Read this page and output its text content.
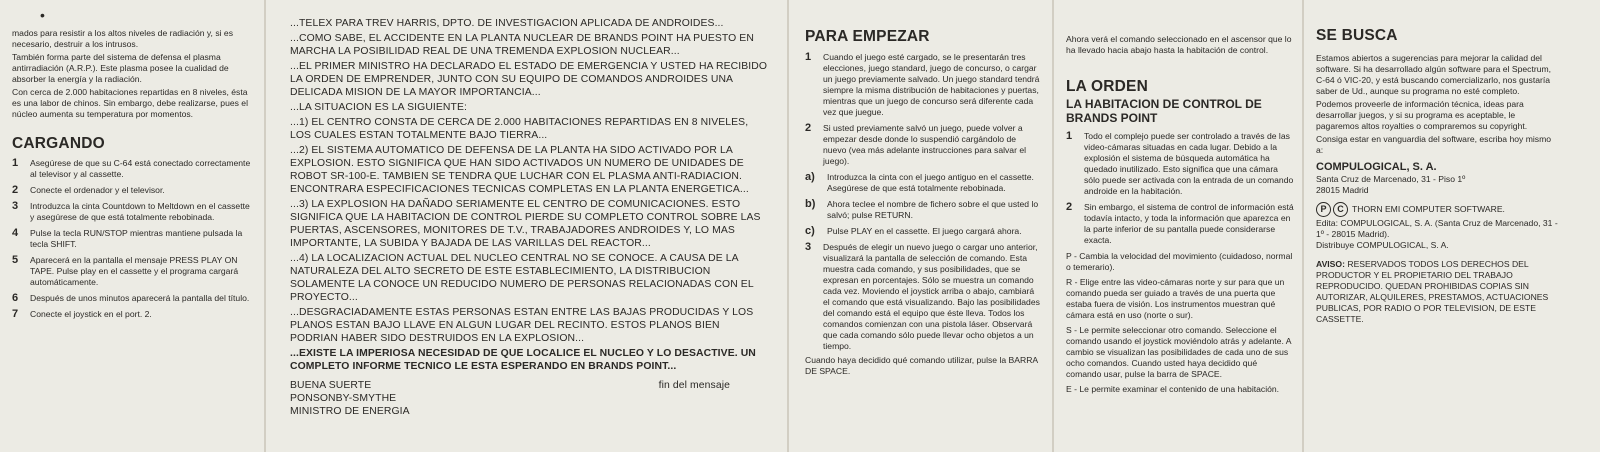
•

mados para resistir a los altos niveles de radiación y, si es necesario, destruir a los intrusos.

También forma parte del sistema de defensa el plasma antirradiación (A.R.P.). Este plasma posee la cualidad de absorber la energía y la radiación.

Con cerca de 2.000 habitaciones repartidas en 8 niveles, ésta es una labor de chinos. Sin embargo, debe realizarse, pues el núcleo aumenta su temperatura por momentos.

CARGANDO
1	Asegúrese de que su C-64 está conectado correctamente al televisor y al cassette.

2	Conecte el ordenador y el televisor.

3	Introduzca la cinta Countdown to Meltdown en el cassette y asegúrese de que está totalmente rebobinada.

4	Pulse la tecla RUN/STOP mientras mantiene pulsada la tecla SHIFT.

5	Aparecerá en la pantalla el mensaje PRESS PLAY ON TAPE. Pulse play en el cassette y el programa cargará automáticamente.

6	Después de unos minutos aparecerá la pantalla del título.

7	Conecte el joystick en el port. 2.

...TELEX PARA TREV HARRIS, DPTO. DE INVESTIGACION APLICADA DE ANDROIDES...

...COMO SABE, EL ACCIDENTE EN LA PLANTA NUCLEAR DE BRANDS POINT HA PUESTO EN MARCHA LA POSIBILIDAD REAL DE UNA TREMENDA EXPLOSION NUCLEAR...

...EL PRIMER MINISTRO HA DECLARADO EL ESTADO DE EMERGENCIA Y USTED HA RECIBIDO LA ORDEN DE EMPRENDER, JUNTO CON SU EQUIPO DE COMANDOS ANDROIDES UNA DELICADA MISION DE LA MAYOR IMPORTANCIA...

...LA SITUACION ES LA SIGUIENTE:

...1) EL CENTRO CONSTA DE CERCA DE 2.000 HABITACIONES REPARTIDAS EN 8 NIVELES, LOS CUALES ESTAN TOTALMENTE BAJO TIERRA...

...2) EL SISTEMA AUTOMATICO DE DEFENSA DE LA PLANTA HA SIDO ACTIVADO POR LA EXPLOSION. ESTO SIGNIFICA QUE HAN SIDO ACTIVADOS UN NUMERO DE UNIDADES DE ROBOT SR-100-E. TAMBIEN SE TENDRA QUE LUCHAR CON EL PLASMA ANTI-RADIACION. ENCONTRARA ESPECIFICACIONES TECNICAS COMPLETAS EN LA PLANTA ENERGETICA...

...3) LA EXPLOSION HA DAÑADO SERIAMENTE EL CENTRO DE COMUNICACIONES. ESTO SIGNIFICA QUE LA HABITACION DE CONTROL PIERDE SU COMPLETO CONTROL SOBRE LAS PUERTAS, ASCENSORES, MONITORES DE T.V., TRABAJADORES ANDROIDES Y, LO MAS IMPORTANTE, LA SUBIDA Y BAJADA DE LAS VARILLAS DEL REACTOR...

...4) LA LOCALIZACION ACTUAL DEL NUCLEO CENTRAL NO SE CONOCE. A CAUSA DE LA NATURALEZA DEL ALTO SECRETO DE ESTE ESTABLECIMIENTO, LA DISTRIBUCION SOLAMENTE LA CONOCE UN REDUCIDO NUMERO DE PERSONAS RELACIONADAS CON EL PROYECTO...

...DESGRACIADAMENTE ESTAS PERSONAS ESTAN ENTRE LAS BAJAS PRODUCIDAS Y LOS PLANOS ESTAN BAJO LLAVE EN ALGUN LUGAR DEL RECINTO. ESTOS PLANOS BIEN PODRIAN HABER SIDO DESTRUIDOS EN LA EXPLOSION...

...EXISTE LA IMPERIOSA NECESIDAD DE QUE LOCALICE EL NUCLEO Y LO DESACTIVE. UN COMPLETO INFORME TECNICO LE ESTA ESPERANDO EN BRANDS POINT...

BUENA SUERTE

PONSONBY-SMYTHE

MINISTRO DE ENERGIA

fin del mensaje

PARA EMPEZAR
1	Cuando el juego esté cargado, se le presentarán tres elecciones, juego standard, juego de concurso, o cargar un juego previamente salvado. Un juego standard tendrá siempre la misma distribución de habitaciones y puertas, mientras que un juego de concurso será diferente cada vez que juegue.

2	Si usted previamente salvó un juego, puede volver a empezar desde donde lo suspendió cargándolo de nuevo (vea más adelante instrucciones para salvar el juego).

a)	Introduzca la cinta con el juego antiguo en el cassette. Asegúrese de que está totalmente rebobinada.

b)	Ahora teclee el nombre de fichero sobre el que usted lo salvó; pulse RETURN.

c)	Pulse PLAY en el cassette. El juego cargará ahora.

3	Después de elegir un nuevo juego o cargar uno anterior, visualizará la pantalla de selección de comando. Esta muestra cada comando, y sus posibilidades, que se expresan en porcentajes. Sólo se muestra un comando cada vez. Moviendo el joystick arriba o abajo, cambiará el comando que está visualizando. Bajo las posibilidades del comando está el equipo que éste lleva. Todos los comandos comienzan con una pistola láser. Observará que cada comando sólo puede llevar ocho objetos a un tiempo.

Cuando haya decidido qué comando utilizar, pulse la BARRA DE SPACE.

Ahora verá el comando seleccionado en el ascensor que lo ha llevado hacia abajo hasta la habitación de control.

LA ORDEN
LA HABITACION DE CONTROL DE BRANDS POINT
1	Todo el complejo puede ser controlado a través de las video-cámaras situadas en cada lugar. Debido a la explosión el sistema de búsqueda automática ha quedado inutilizado. Esto significa que una cámara sólo puede ser activada con la entrada de un comando androide en la habitación.

2	Sin embargo, el sistema de control de información está todavía intacto, y toda la información que aparezca en la parte inferior de su pantalla puede considerarse exacta.

P - Cambia la velocidad del movimiento (cuidadoso, normal o temerario).

R - Elige entre las video-cámaras norte y sur para que un comando pueda ser guiado a través de una puerta que estaba fuera de visión. Los instrumentos muestran qué cámara está en uso (norte o sur).

S - Le permite seleccionar otro comando. Seleccione el comando usando el joystick moviéndolo atrás y adelante. A cambio se visualizan las posibilidades de cada uno de sus ocho comandos. Cuando usted haya decidido qué comando usar, pulse la barra de SPACE.

E - Le permite examinar el contenido de una habitación.

SE BUSCA

Estamos abiertos a sugerencias para mejorar la calidad del software. Si ha desarrollado algún software para el Spectrum, C-64 ó VIC-20, y está buscando comercializarlo, nos gustaría saber de Ud., aunque su programa no esté completo.

Podemos proveerle de información técnica, ideas para desarrollar juegos, y si su programa es aceptable, le pagaremos altos royalties o compraremos su copyright.

Consiga estar en vanguardia del software, escriba hoy mismo a:

COMPULOGICAL, S. A.

Santa Cruz de Marcenado, 31 - Piso 1º

28015 Madrid

P	C THORN EMI COMPUTER SOFTWARE.

Edita: COMPULOGICAL, S. A. (Santa Cruz de Marcenado, 31 - 1º - 28015 Madrid).

Distribuye COMPULOGICAL, S. A.

AVISO: RESERVADOS TODOS LOS DERECHOS DEL PRODUCTOR Y EL PROPIETARIO DEL TRABAJO REPRODUCIDO. QUEDAN PROHIBIDAS COPIAS SIN AUTORIZAR, ALQUILERES, PRESTAMOS, ACTUACIONES PUBLICAS, POR RADIO O POR TELEVISION, DE ESTE CASSETTE.
